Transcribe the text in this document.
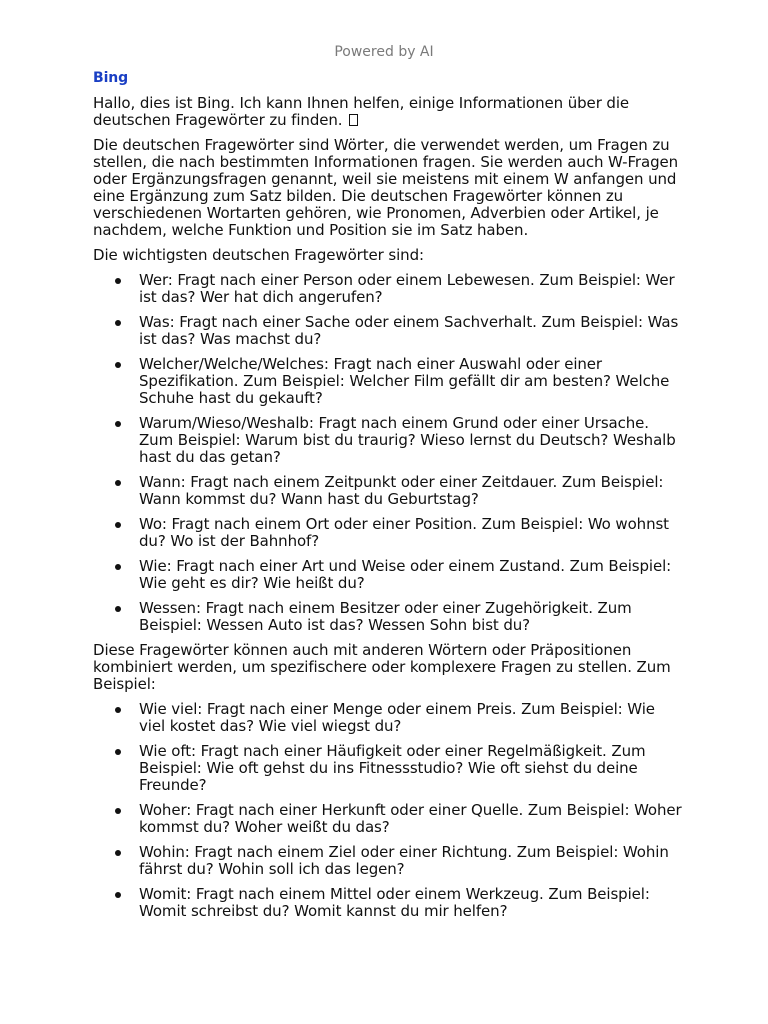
Powered by AI
Bing

Hallo, dies ist Bing. Ich kann Ihnen helfen, einige Informationen über die deutschen Fragewörter zu finden.

Die deutschen Fragewörter sind Wörter, die verwendet werden, um Fragen zu stellen, die nach bestimmten Informationen fragen. Sie werden auch W-Fragen oder Ergänzungsfragen genannt, weil sie meistens mit einem W anfangen und eine Ergänzung zum Satz bilden. Die deutschen Fragewörter können zu verschiedenen Wortarten gehören, wie Pronomen, Adverbien oder Artikel, je nachdem, welche Funktion und Position sie im Satz haben.

Die wichtigsten deutschen Fragewörter sind:

Wer: Fragt nach einer Person oder einem Lebewesen. Zum Beispiel: Wer ist das? Wer hat dich angerufen?
Was: Fragt nach einer Sache oder einem Sachverhalt. Zum Beispiel: Was ist das? Was machst du?
Welcher/Welche/Welches: Fragt nach einer Auswahl oder einer Spezifikation. Zum Beispiel: Welcher Film gefällt dir am besten? Welche Schuhe hast du gekauft?
Warum/Wieso/Weshalb: Fragt nach einem Grund oder einer Ursache. Zum Beispiel: Warum bist du traurig? Wieso lernst du Deutsch? Weshalb hast du das getan?
Wann: Fragt nach einem Zeitpunkt oder einer Zeitdauer. Zum Beispiel: Wann kommst du? Wann hast du Geburtstag?
Wo: Fragt nach einem Ort oder einer Position. Zum Beispiel: Wo wohnst du? Wo ist der Bahnhof?
Wie: Fragt nach einer Art und Weise oder einem Zustand. Zum Beispiel: Wie geht es dir? Wie heißt du?
Wessen: Fragt nach einem Besitzer oder einer Zugehörigkeit. Zum Beispiel: Wessen Auto ist das? Wessen Sohn bist du?

Diese Fragewörter können auch mit anderen Wörtern oder Präpositionen kombiniert werden, um spezifischere oder komplexere Fragen zu stellen. Zum Beispiel:

Wie viel: Fragt nach einer Menge oder einem Preis. Zum Beispiel: Wie viel kostet das? Wie viel wiegst du?
Wie oft: Fragt nach einer Häufigkeit oder einer Regelmäßigkeit. Zum Beispiel: Wie oft gehst du ins Fitnessstudio? Wie oft siehst du deine Freunde?
Woher: Fragt nach einer Herkunft oder einer Quelle. Zum Beispiel: Woher kommst du? Woher weißt du das?
Wohin: Fragt nach einem Ziel oder einer Richtung. Zum Beispiel: Wohin fährst du? Wohin soll ich das legen?
Womit: Fragt nach einem Mittel oder einem Werkzeug. Zum Beispiel: Womit schreibst du? Womit kannst du mir helfen?
